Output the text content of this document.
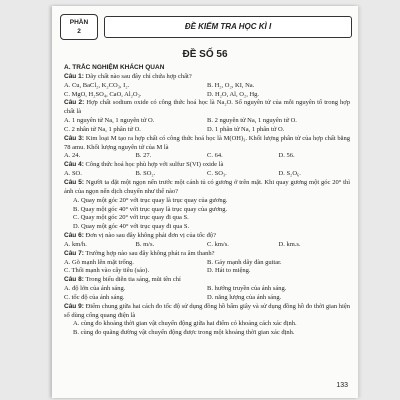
PHẦN
2
ĐỀ KIỂM TRA HỌC KÌ I
ĐỀ SỐ 56
A. TRẮC NGHIỆM KHÁCH QUAN
Câu 1: Dãy chất nào sau đây chỉ chứa hợp chất?
A. Cu, BaCl₂, K₂CO₃, I₂.	B. H₂, O₂, KI, Na.
C. MgO, H₂SO₄, CaO, Al₂O₃.	D. H₂O, Al, O₂, Hg.
Câu 2: Hợp chất sodium oxide có công thức hoá học là Na₂O. Số nguyên tử của mỗi nguyên tố trong hợp chất là
A. 1 nguyên tử Na, 1 nguyên tử O.	B. 2 nguyên tử Na, 1 nguyên tử O.
C. 2 nhân tử Na, 1 phân tử O.	D. 1 phân tử Na, 1 phân tử O.
Câu 3: Kim loại M tạo ra hợp chất có công thức hoá học là M(OH)₃. Khối lượng phân tử của hợp chất bằng 78 amu. Khối lượng nguyên tử của M là
A. 24.	B. 27.	C. 64.	D. 56.
Câu 4: Công thức hoá học phù hợp với sulfur S(VI) oxide là
A. SO.	B. SO₂.	C. SO₃.	D. S₂O₆.
Câu 5: Người ta đặt một ngọn nến trước một cánh tủ có gương ở trên mặt. Khi quay gương một góc 20° thì ảnh của ngọn nến dịch chuyển như thế nào?
A. Quay một góc 20° với trục quay là trục quay của gương.
B. Quay một góc 40° với trục quay là trục quay của gương.
C. Quay một góc 20° với trục quay đi qua S.
D. Quay một góc 40° với trục quay đi qua S.
Câu 6: Đơn vị nào sau đây không phải đơn vị của tốc độ?
A. km/h.	B. m/s.	C. km/s.	D. km.s.
Câu 7: Trường hợp nào sau đây không phát ra âm thanh?
A. Gõ mạnh lên mặt trống.	B. Gảy mạnh dây đàn guitar.
C. Thổi mạnh vào cây tiêu (sáo).	D. Hát to miệng.
Câu 8: Trong biểu diễn tia sáng, mũi tên chỉ
A. độ lớn của ánh sáng.	B. hướng truyền của ánh sáng.
C. tốc độ của ánh sáng.	D. năng lượng của ánh sáng.
Câu 9: Điểm chung giữa hai cách đo tốc độ sử dụng đồng hồ bấm giây và sử dụng đồng hồ đo thời gian hiện số dùng cổng quang điện là
A. cùng đo khoảng thời gian vật chuyển động giữa hai điểm có khoảng cách xác định.
B. cùng đo quãng đường vật chuyển động được trong một khoảng thời gian xác định.
133
